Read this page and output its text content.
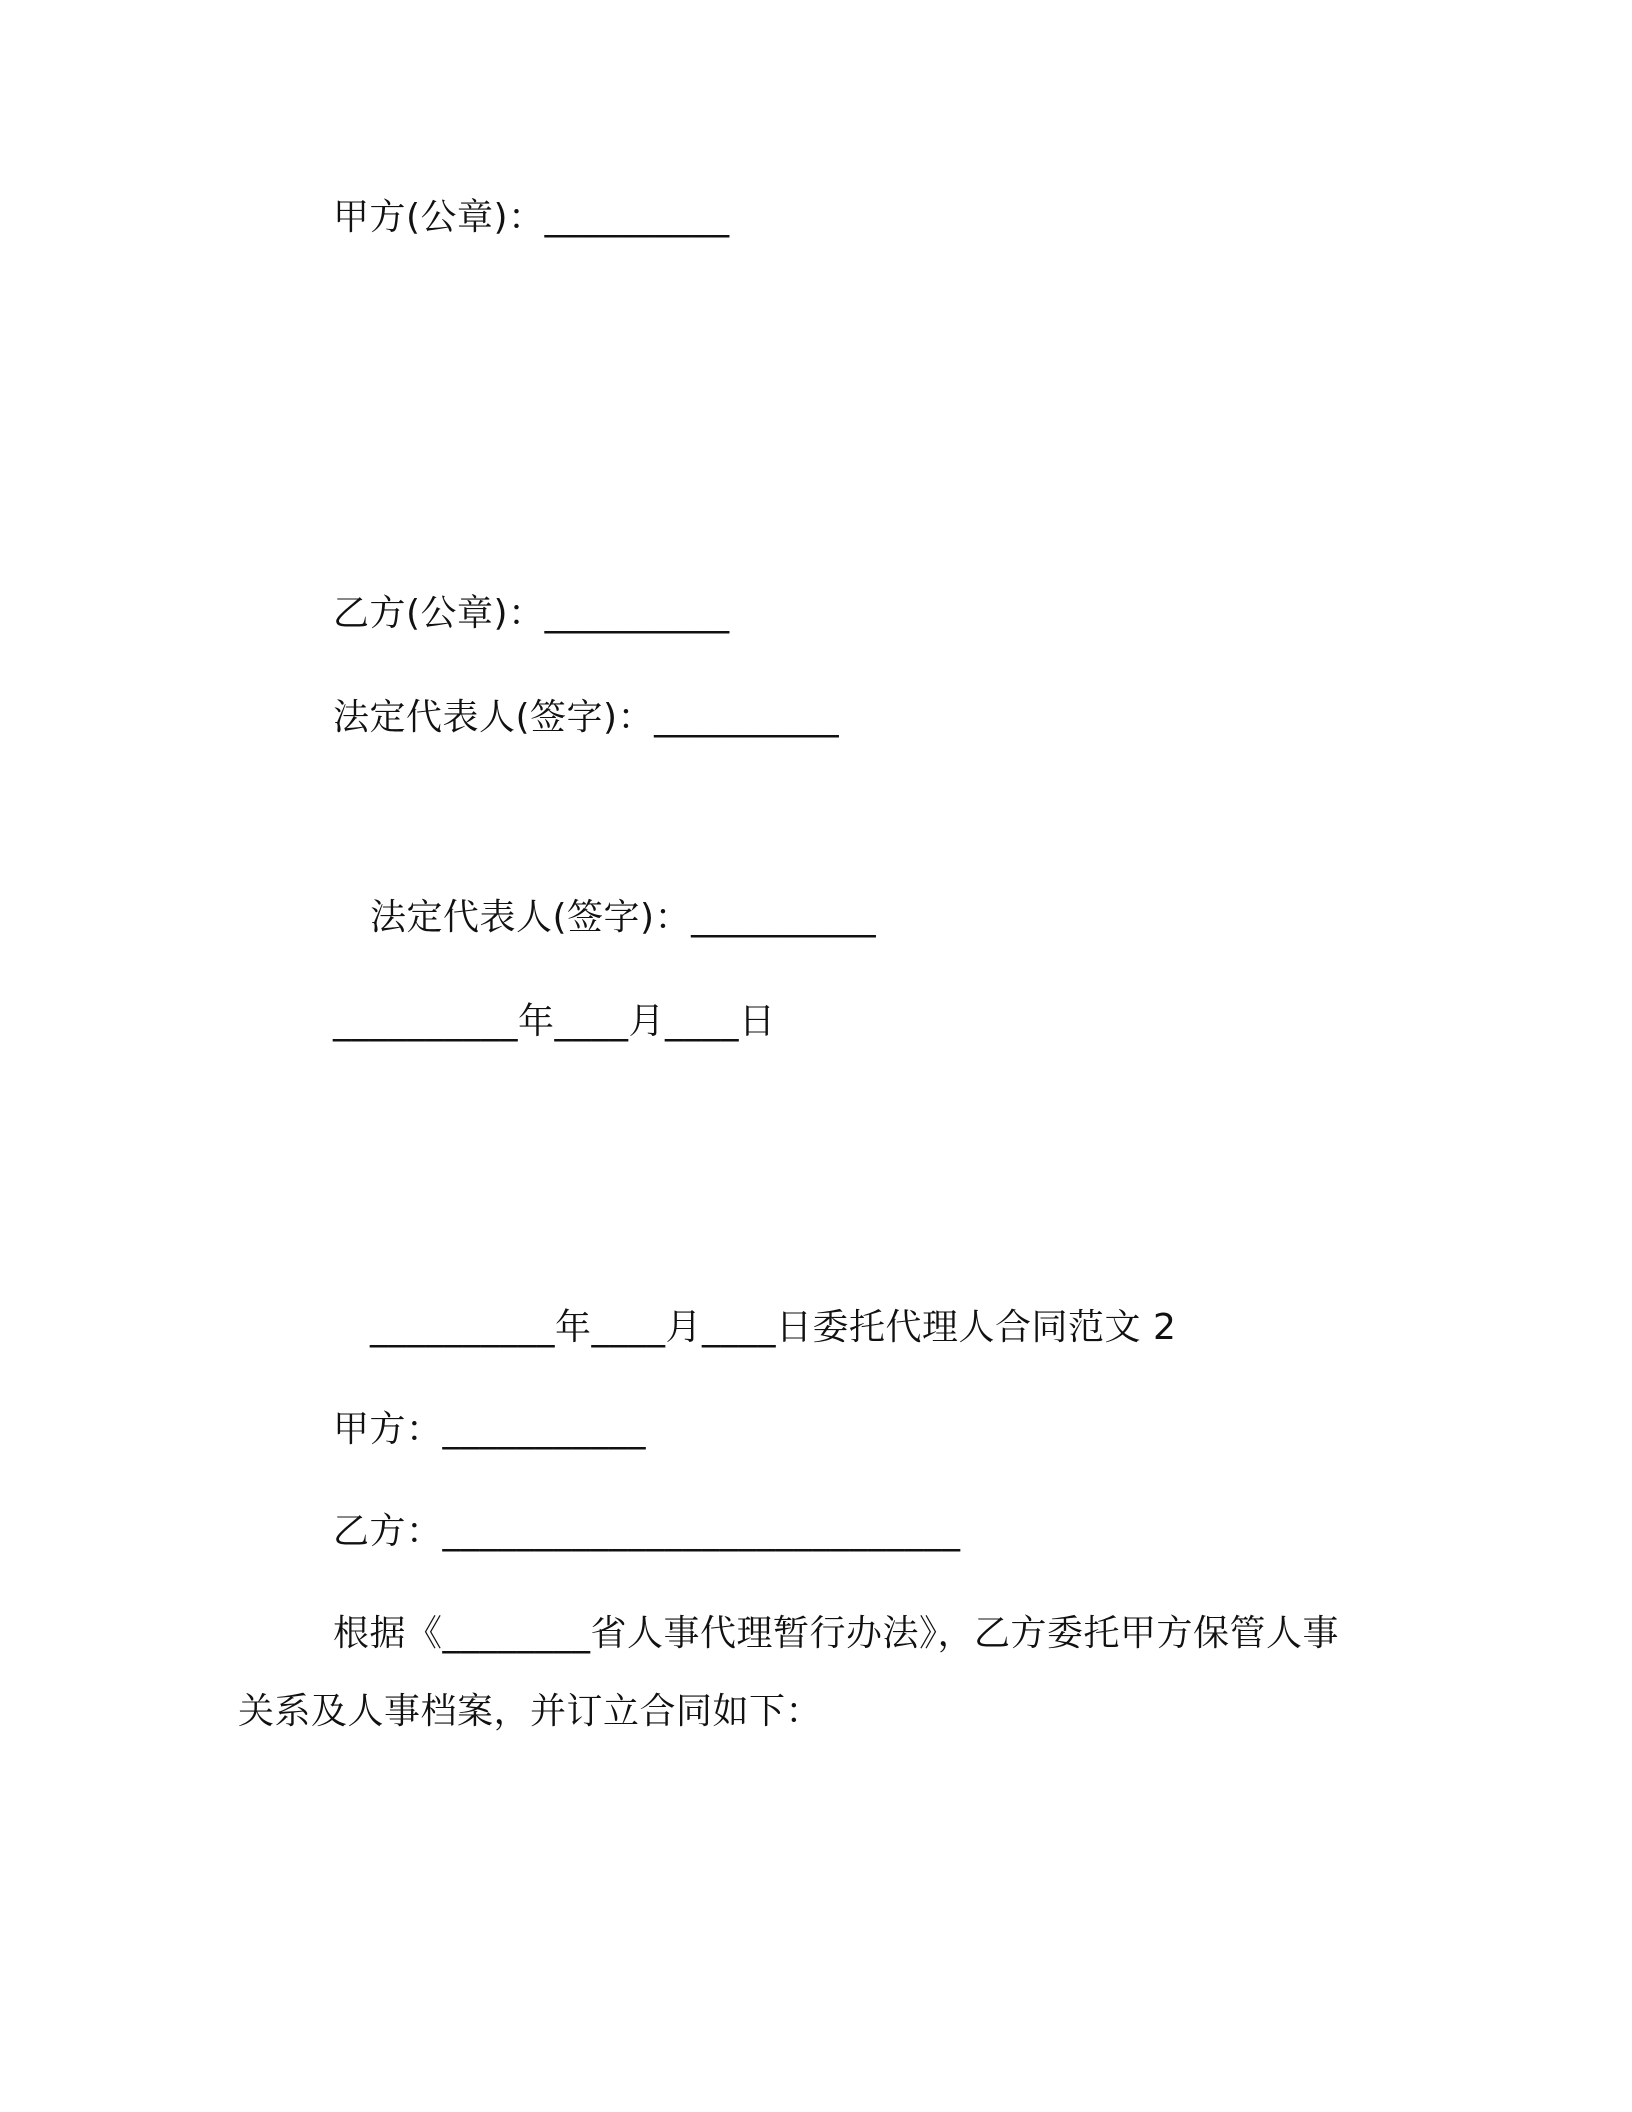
甲方(公章)：__________
乙方(公章)：__________
法定代表人(签字)：__________
法定代表人(签字)：__________
__________年____月____日
__________年____月____日委托代理人合同范文 2
甲方：___________
乙方：____________________________
根据《________省人事代理暂行办法》，乙方委托甲方保管人事
关系及人事档案，并订立合同如下：
